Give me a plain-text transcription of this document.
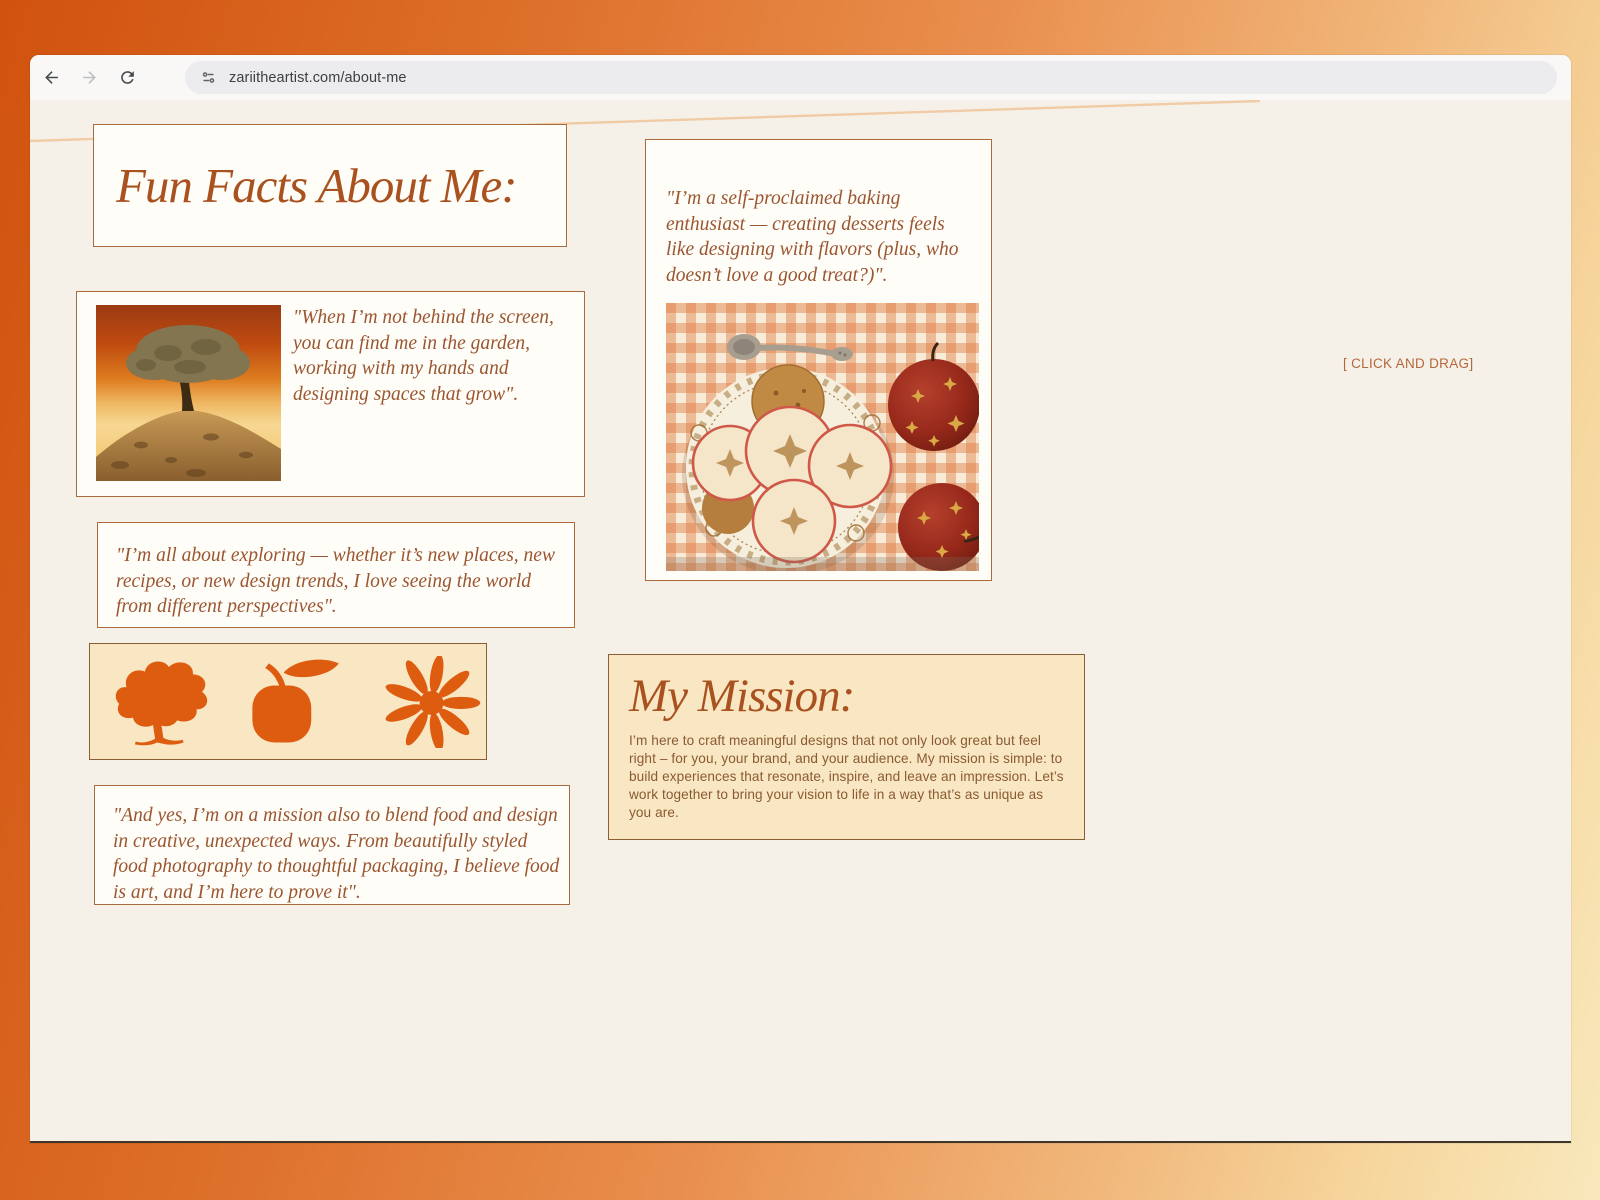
zariitheartist.com/about-me
Fun Facts About Me:
"When I’m not behind the screen, you can find me in the garden, working with my hands and designing spaces that grow".
"I’m all about exploring — whether it’s new places, new recipes, or new design trends, I love seeing the world from different perspectives".
"And yes, I’m on a mission also to blend food and design in creative, unexpected ways. From beautifully styled food photography to thoughtful packaging, I believe food is art, and I’m here to prove it".
"I’m a self-proclaimed baking enthusiast — creating desserts feels like designing with flavors (plus, who doesn’t love a good treat?)".
My Mission:
I’m here to craft meaningful designs that not only look great but feel right – for you, your brand, and your audience. My mission is simple: to build experiences that resonate, inspire, and leave an impression. Let’s work together to bring your vision to life in a way that’s as unique as you are.
[ CLICK AND DRAG]
